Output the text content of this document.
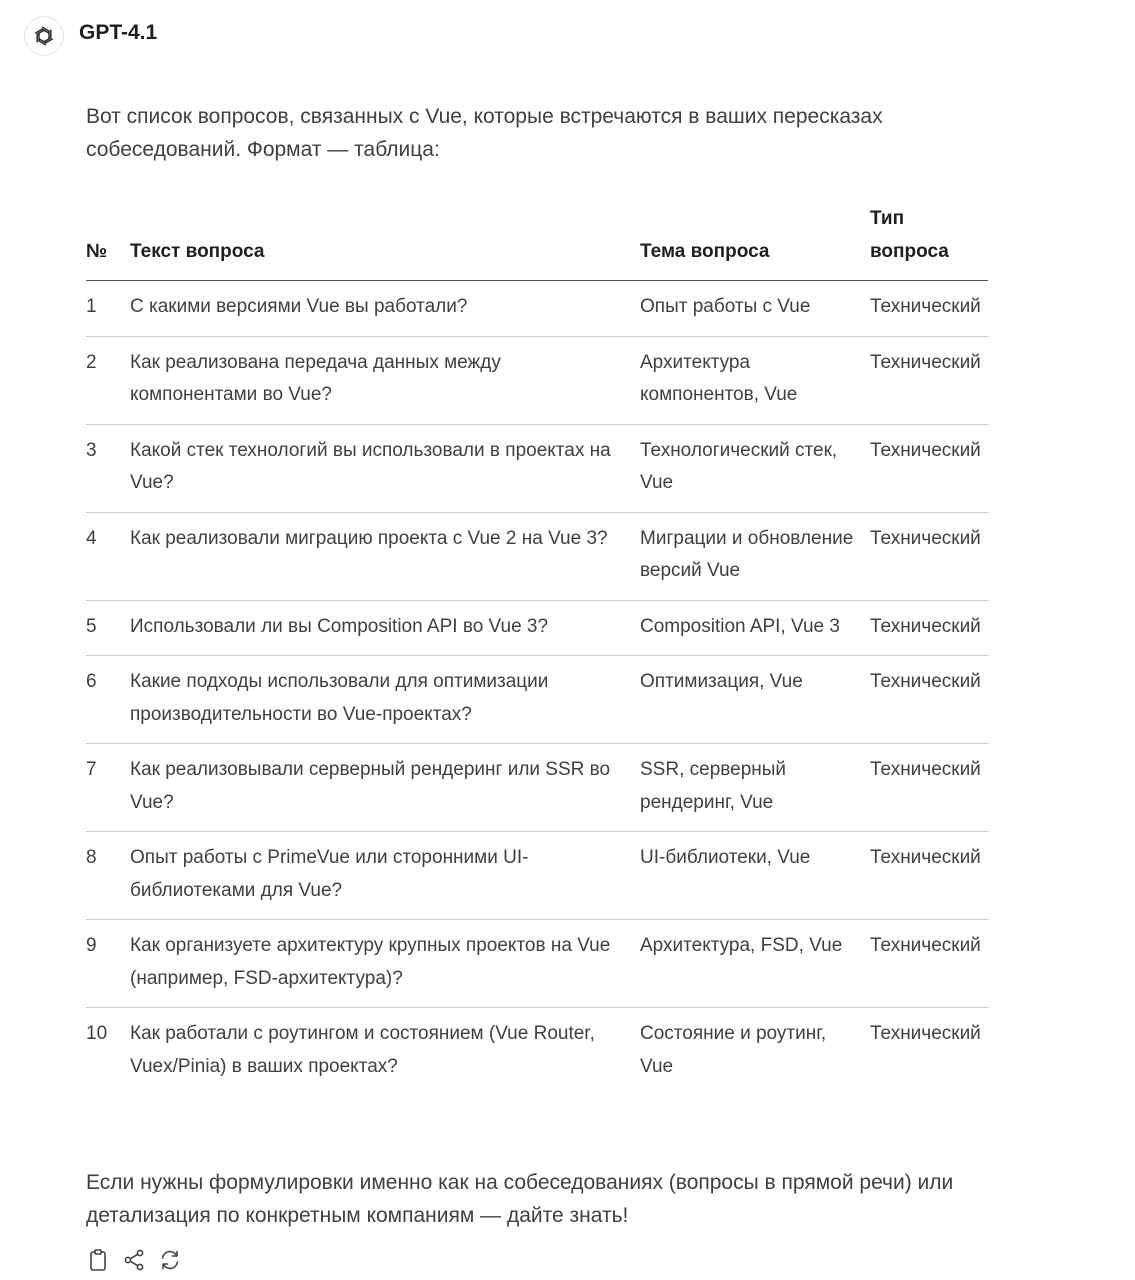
GPT-4.1

Вот список вопросов, связанных с Vue, которые встречаются в ваших пересказах собеседований. Формат — таблица:

№	Текст вопроса	Тема вопроса	Тип вопроса
1	С какими версиями Vue вы работали?	Опыт работы с Vue	Технический
2	Как реализована передача данных между компонентами во Vue?	Архитектура компонентов, Vue	Технический
3	Какой стек технологий вы использовали в проектах на Vue?	Технологический стек, Vue	Технический
4	Как реализовали миграцию проекта с Vue 2 на Vue 3?	Миграции и обновление версий Vue	Технический
5	Использовали ли вы Composition API во Vue 3?	Composition API, Vue 3	Технический
6	Какие подходы использовали для оптимизации производительности во Vue-проектах?	Оптимизация, Vue	Технический
7	Как реализовывали серверный рендеринг или SSR во Vue?	SSR, серверный рендеринг, Vue	Технический
8	Опыт работы с PrimeVue или сторонними UI-библиотеками для Vue?	UI-библиотеки, Vue	Технический
9	Как организуете архитектуру крупных проектов на Vue (например, FSD-архитектура)?	Архитектура, FSD, Vue	Технический
10	Как работали с роутингом и состоянием (Vue Router, Vuex/Pinia) в ваших проектах?	Состояние и роутинг, Vue	Технический

Если нужны формулировки именно как на собеседованиях (вопросы в прямой речи) или детализация по конкретным компаниям — дайте знать!
